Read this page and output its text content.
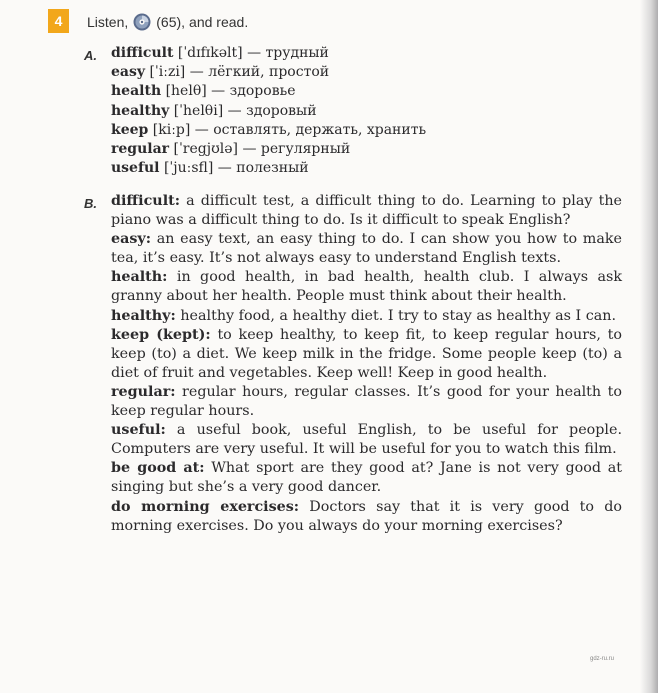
4	Listen, (65), and read.
A. difficult [ˈdɪfɪkəlt] — трудный
easy [ˈiːzi] — лёгкий, простой
health [helθ] — здоровье
healthy [ˈhelθi] — здоровый
keep [kiːp] — оставлять, держать, хранить
regular [ˈregjʊlə] — регулярный
useful [ˈjuːsfl] — полезный
B. difficult: a difficult test, a difficult thing to do. Learning to play the piano was a difficult thing to do. Is it difficult to speak English?

easy: an easy text, an easy thing to do. I can show you how to make tea, it’s easy. It’s not always easy to understand English texts.

health: in good health, in bad health, health club. I always ask granny about her health. People must think about their health.

healthy: healthy food, a healthy diet. I try to stay as healthy as I can.

keep (kept): to keep healthy, to keep fit, to keep regular hours, to keep (to) a diet. We keep milk in the fridge. Some people keep (to) a diet of fruit and vegetables. Keep well! Keep in good health.

regular: regular hours, regular classes. It’s good for your health to keep regular hours.

useful: a useful book, useful English, to be useful for people. Computers are very useful. It will be useful for you to watch this film.

be good at: What sport are they good at? Jane is not very good at singing but she’s a very good dancer.

do morning exercises: Doctors say that it is very good to do morning exercises. Do you always do your morning exercises?

gdz-ru.ru
